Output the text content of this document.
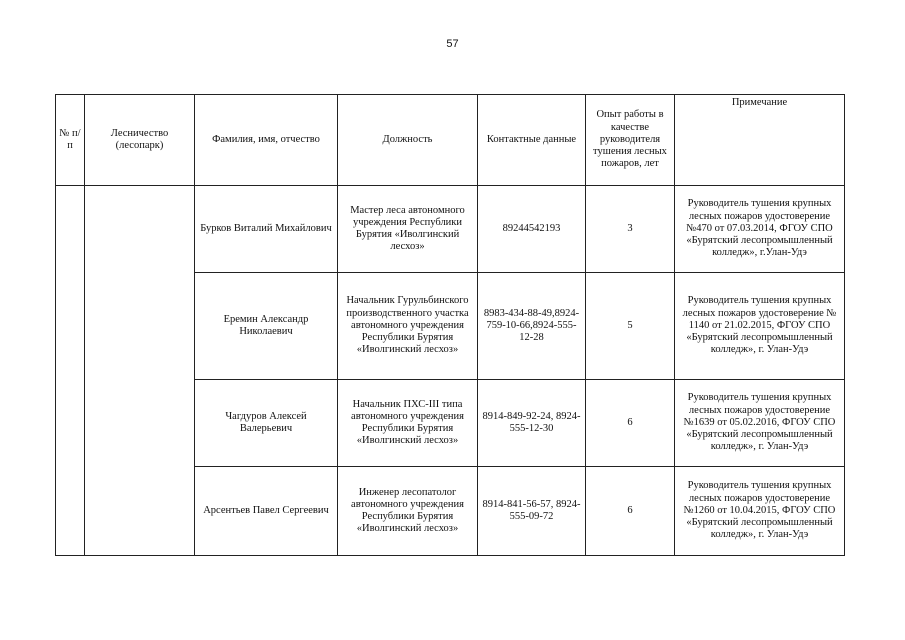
57
№ п/п	Лесничество (лесопарк)	Фамилия, имя, отчество	Должность	Контактные данные	Опыт работы в качестве руководителя тушения лесных пожаров, лет	Примечание
		Бурков Виталий Михайлович	Мастер леса автономного учреждения Республики Бурятия «Иволгинский лесхоз»	89244542193	3	Руководитель тушения крупных лесных пожаров удостоверение №470 от 07.03.2014, ФГОУ СПО «Бурятский лесопромышленный колледж», г.Улан-Удэ
		Еремин Александр Николаевич	Начальник Гурульбинского производственного участка автономного учреждения Республики Бурятия «Иволгинский лесхоз»	8983-434-88-49,8924-759-10-66,8924-555-12-28	5	Руководитель тушения крупных лесных пожаров удостоверение № 1140 от 21.02.2015, ФГОУ СПО «Бурятский лесопромышленный колледж», г. Улан-Удэ
		Чагдуров Алексей Валерьевич	Начальник ПХС-III типа автономного учреждения Республики Бурятия «Иволгинский лесхоз»	8914-849-92-24, 8924-555-12-30	6	Руководитель тушения крупных лесных пожаров удостоверение №1639 от 05.02.2016, ФГОУ СПО «Бурятский лесопромышленный колледж», г. Улан-Удэ
		Арсентьев Павел Сергеевич	Инженер лесопатолог автономного учреждения Республики Бурятия «Иволгинский лесхоз»	8914-841-56-57, 8924-555-09-72	6	Руководитель тушения крупных лесных пожаров удостоверение №1260 от 10.04.2015, ФГОУ СПО «Бурятский лесопромышленный колледж», г. Улан-Удэ
